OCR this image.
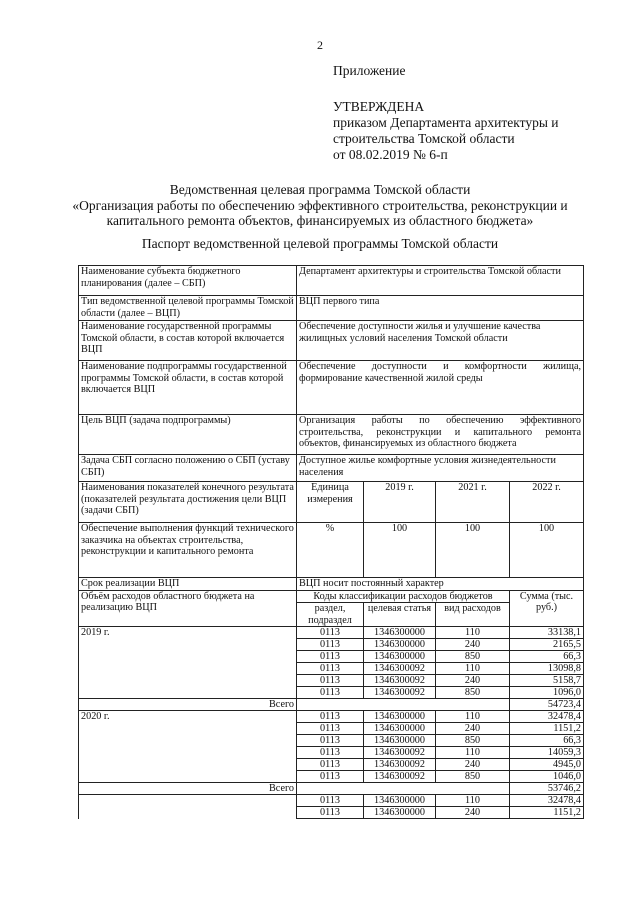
2
Приложение
УТВЕРЖДЕНА
приказом Департамента архитектуры и
строительства Томской области
от 08.02.2019 № 6-п
Ведомственная целевая программа Томской области
«Организация работы по обеспечению эффективного строительства, реконструкции и
капитального ремонта объектов, финансируемых из областного бюджета»
Паспорт ведомственной целевой программы Томской области
Наименование субъекта бюджетного планирования (далее – СБП)	Департамент архитектуры и строительства Томской области			
Тип ведомственной целевой программы Томской области (далее – ВЦП)	ВЦП первого типа			
Наименование государственной программы Томской области, в состав которой включается ВЦП	Обеспечение доступности жилья и улучшение качества жилищных условий населения Томской области			
Наименование подпрограммы государственной программы Томской области, в состав которой включается ВЦП	Обеспечение доступности и комфортности жилища, формирование качественной жилой среды			
Цель ВЦП (задача подпрограммы)	Организация работы по обеспечению эффективного строительства, реконструкции и капитального ремонта объектов, финансируемых из областного бюджета			
Задача СБП согласно положению о СБП (уставу СБП)	Доступное жилье комфортные условия жизнедеятельности населения			
Наименования показателей конечного результата (показателей результата достижения цели ВЦП (задачи СБП)	Единица измерения	2019 г.	2021 г.	2022 г.
Обеспечение выполнения функций технического заказчика на объектах строительства, реконструкции и капитального ремонта	%	100	100	100
Срок реализации ВЦП	ВЦП носит постоянный характер			
Объём расходов областного бюджета на реализацию ВЦП	Коды классификации расходов бюджетов			Сумма (тыс. руб.)
	раздел, подраздел	целевая статья	вид расходов	
2019 г.	0113	1346300000	110	33138,1
	0113	1346300000	240	2165,5
	0113	1346300000	850	66,3
	0113	1346300092	110	13098,8
	0113	1346300092	240	5158,7
	0113	1346300092	850	1096,0
Всего				54723,4
2020 г.	0113	1346300000	110	32478,4
	0113	1346300000	240	1151,2
	0113	1346300000	850	66,3
	0113	1346300092	110	14059,3
	0113	1346300092	240	4945,0
	0113	1346300092	850	1046,0
Всего				53746,2
	0113	1346300000	110	32478,4
	0113	1346300000	240	1151,2
